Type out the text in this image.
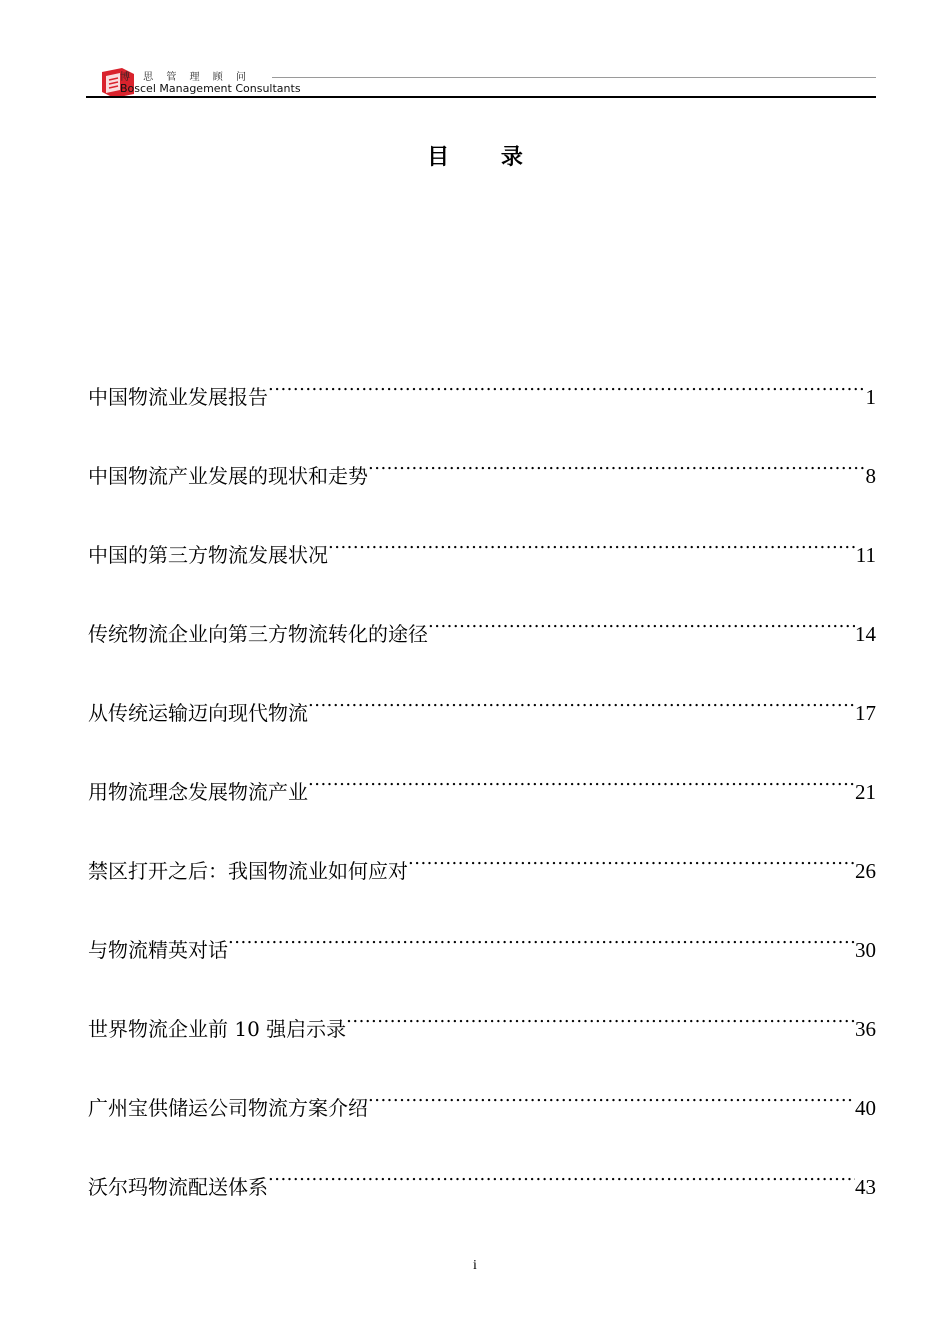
博 思 管 理 顾 问
Boscel Management Consultants
目 录
中国物流业发展报告 .....	1
中国物流产业发展的现状和走势 .....	8
中国的第三方物流发展状况 .....	11
传统物流企业向第三方物流转化的途径 .....	14
从传统运输迈向现代物流 .....	17
用物流理念发展物流产业 .....	21
禁区打开之后：我国物流业如何应对 .....	26
与物流精英对话 .....	30
世界物流企业前 10 强启示录 .....	36
广州宝供储运公司物流方案介绍 .....	40
沃尔玛物流配送体系 .....	43
i
